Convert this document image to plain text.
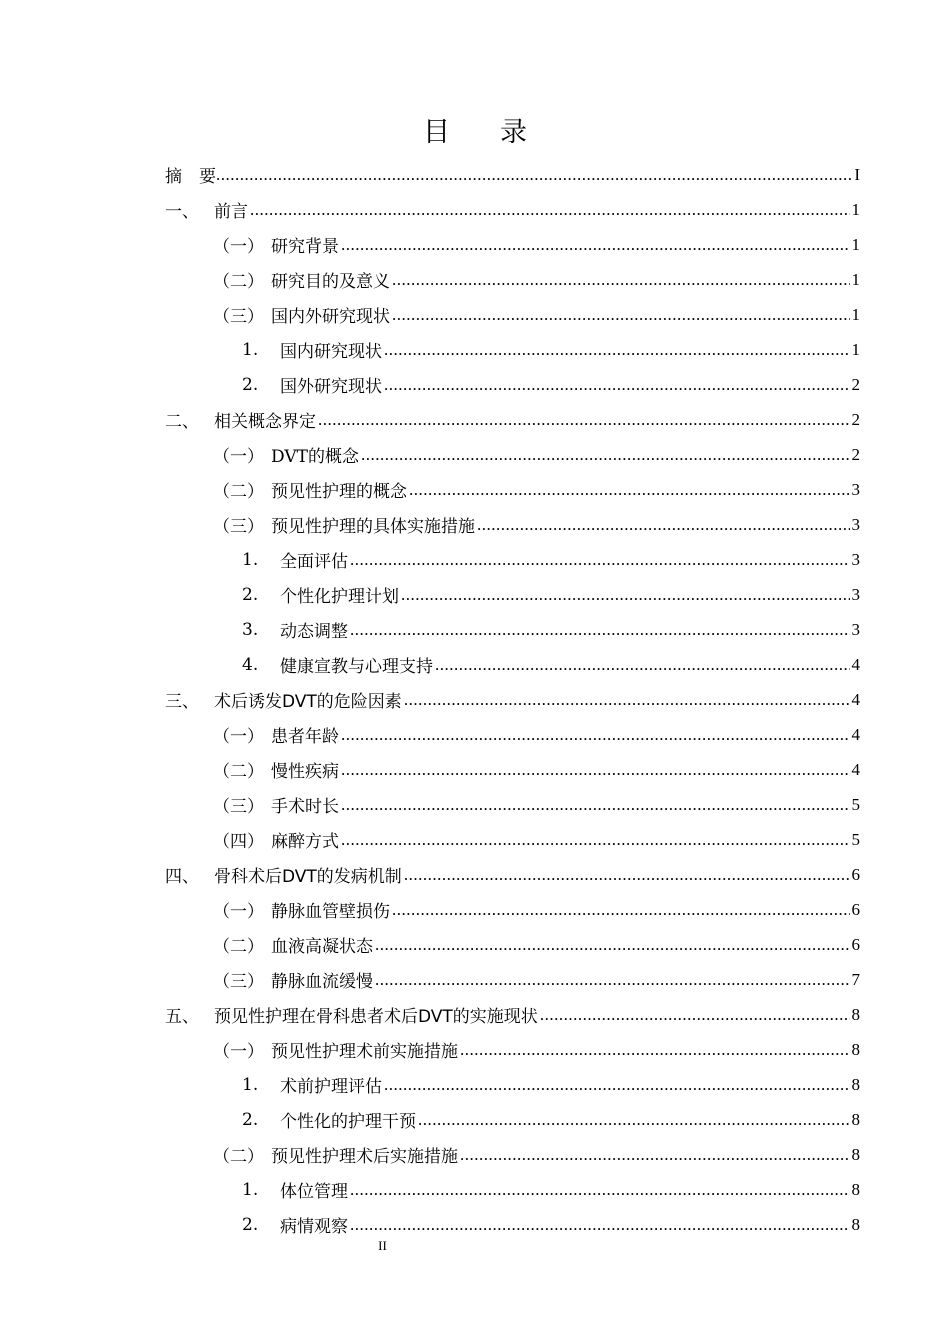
目录
摘　要 .....	I
一、 前言 .....	1
（一） 研究背景 .....	1
（二） 研究目的及意义 .....	1
（三） 国内外研究现状 .....	1
1.	国内研究现状 .....	1
2.	国外研究现状 .....	2
二、 相关概念界定 .....	2
（一） DVT的概念 .....	2
（二） 预见性护理的概念 .....	3
（三） 预见性护理的具体实施措施 .....	3
1.	全面评估 .....	3
2.	个性化护理计划 .....	3
3.	动态调整 .....	3
4.	健康宣教与心理支持 .....	4
三、 术后诱发DVT的危险因素 .....	4
（一） 患者年龄 .....	4
（二） 慢性疾病 .....	4
（三） 手术时长 .....	5
（四） 麻醉方式 .....	5
四、 骨科术后DVT的发病机制 .....	6
（一） 静脉血管壁损伤 .....	6
（二） 血液高凝状态 .....	6
（三） 静脉血流缓慢 .....	7
五、 预见性护理在骨科患者术后DVT的实施现状 .....	8
（一） 预见性护理术前实施措施 .....	8
1.	术前护理评估 .....	8
2.	个性化的护理干预 .....	8
（二） 预见性护理术后实施措施 .....	8
1.	体位管理 .....	8
2.	病情观察 .....	8
II
